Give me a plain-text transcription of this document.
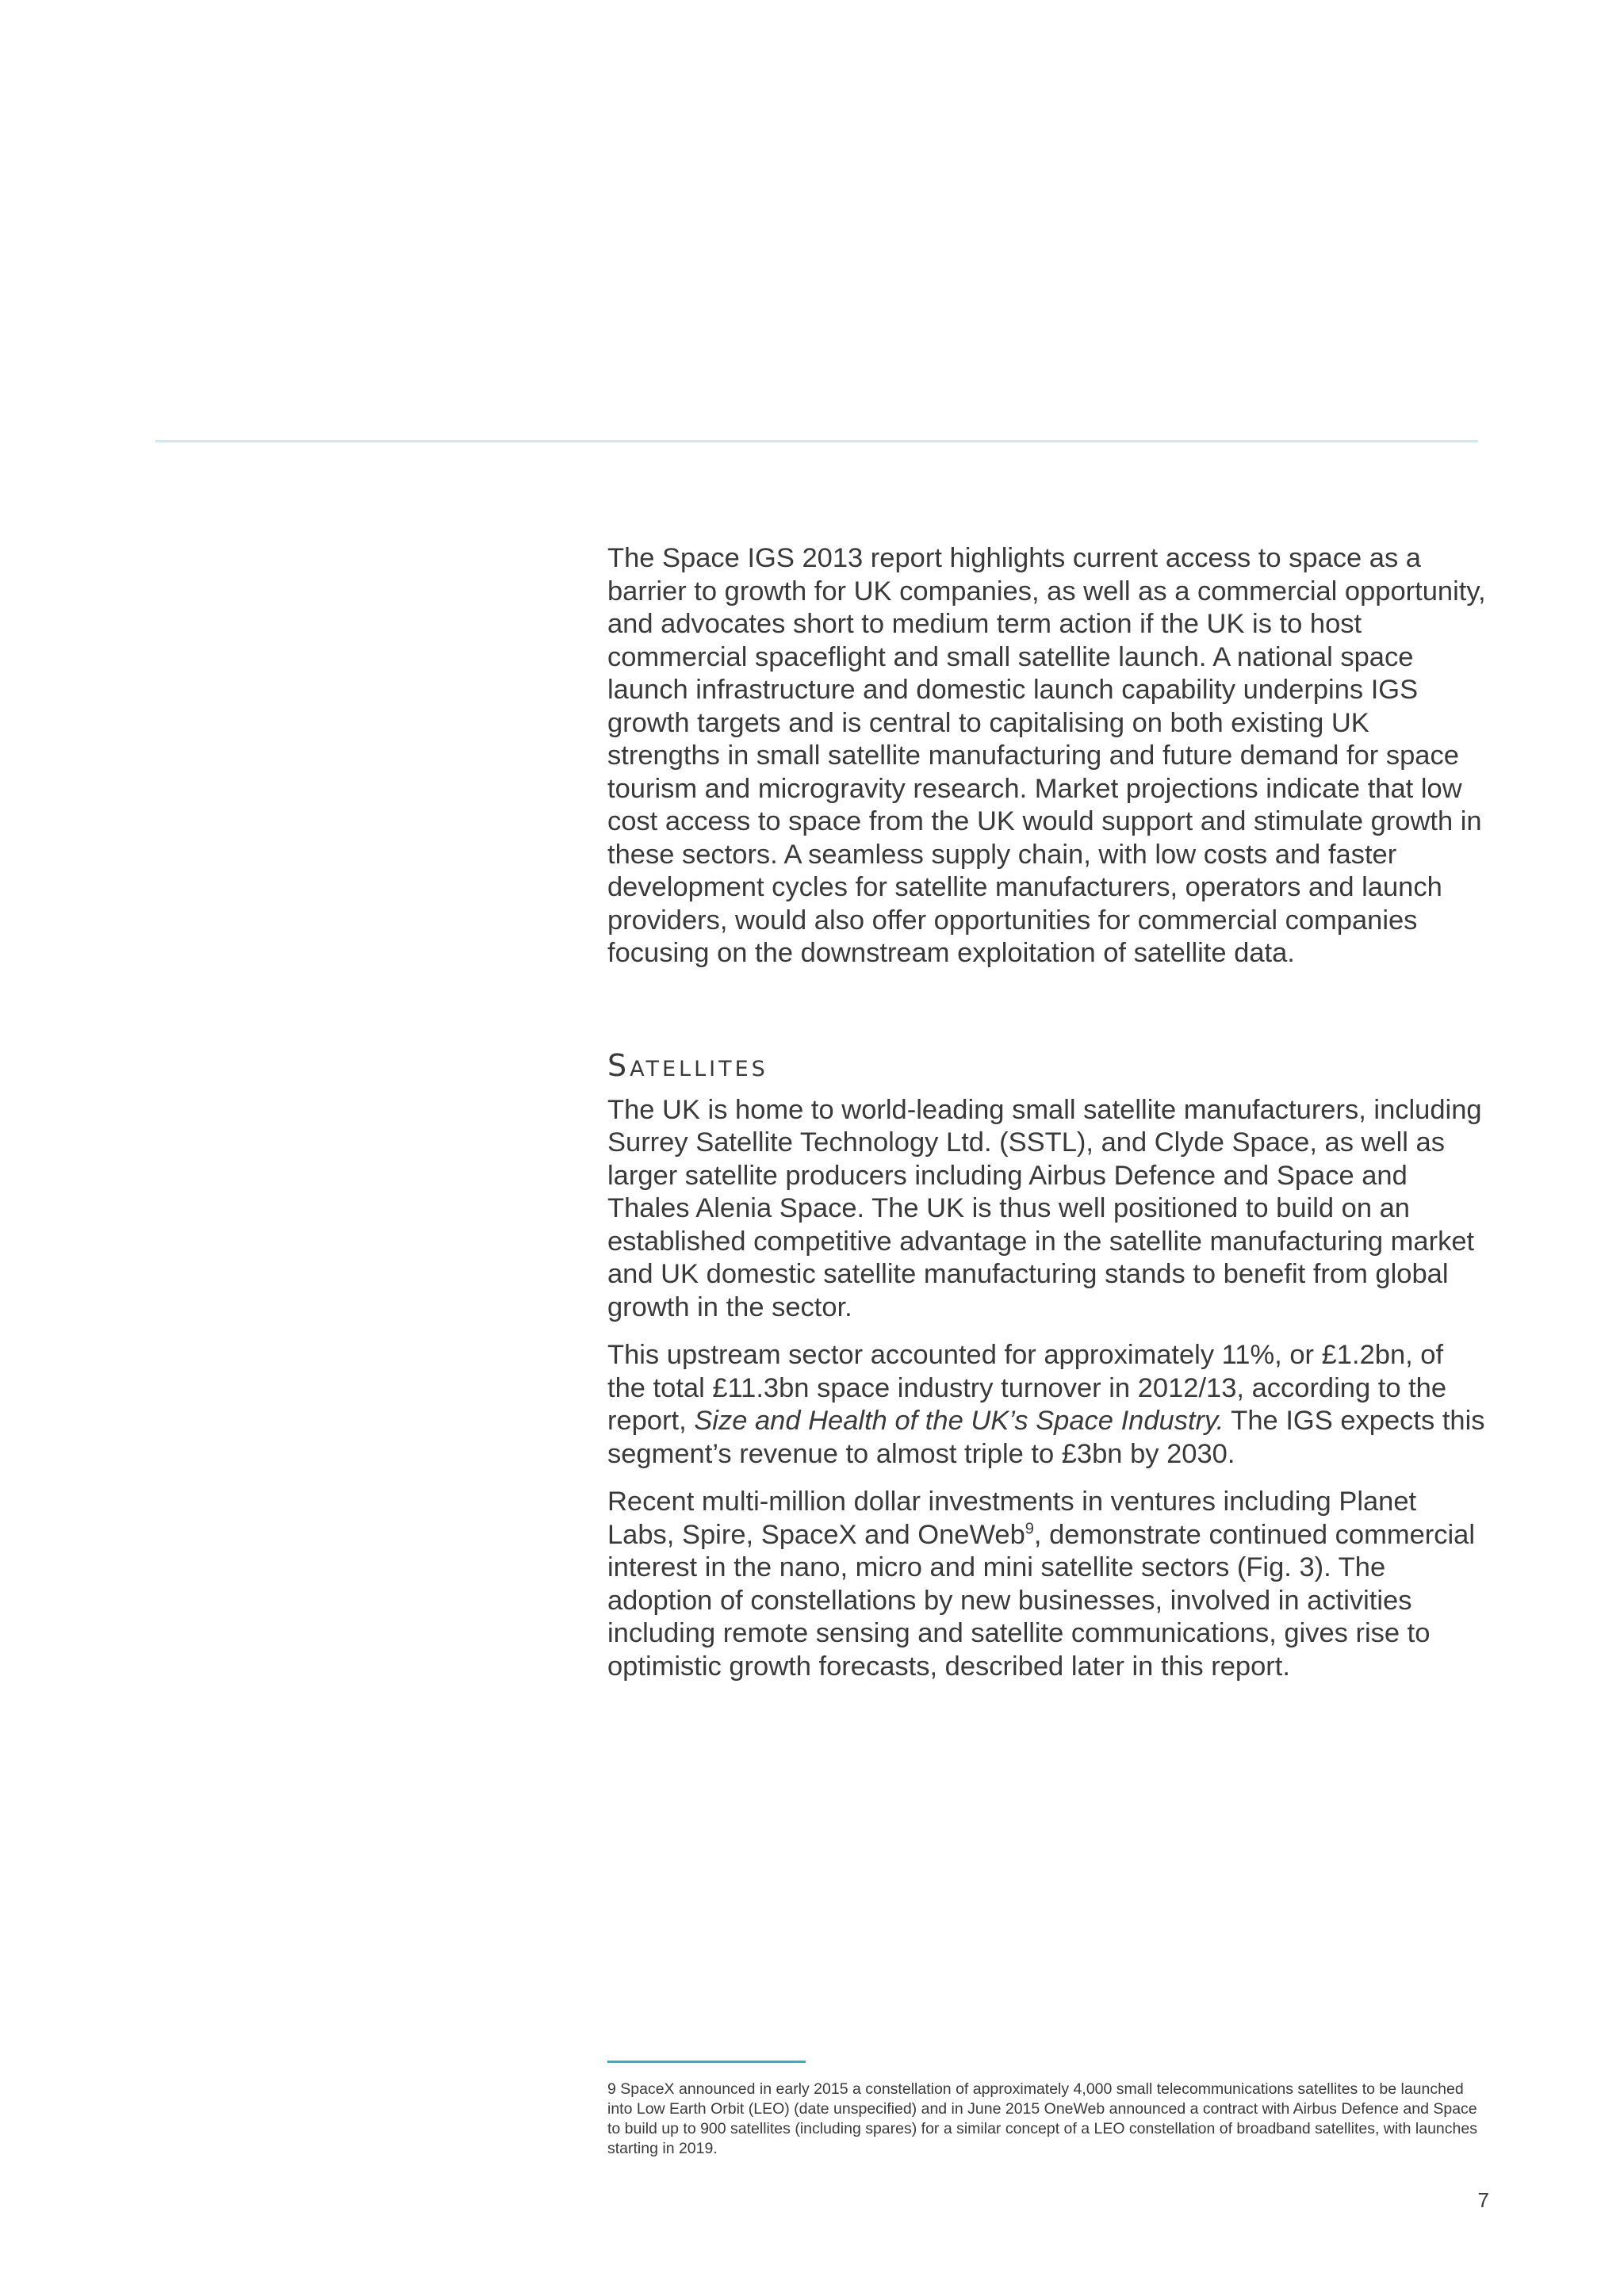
The Space IGS 2013 report highlights current access to space as a barrier to growth for UK companies, as well as a commercial opportunity, and advocates short to medium term action if the UK is to host commercial spaceflight and small satellite launch. A national space launch infrastructure and domestic launch capability underpins IGS growth targets and is central to capitalising on both existing UK strengths in small satellite manufacturing and future demand for space tourism and microgravity research. Market projections indicate that low cost access to space from the UK would support and stimulate growth in these sectors. A seamless supply chain, with low costs and faster development cycles for satellite manufacturers, operators and launch providers, would also offer opportunities for commercial companies focusing on the downstream exploitation of satellite data.

Satellites

The UK is home to world-leading small satellite manufacturers, including Surrey Satellite Technology Ltd. (SSTL), and Clyde Space, as well as larger satellite producers including Airbus Defence and Space and Thales Alenia Space. The UK is thus well positioned to build on an established competitive advantage in the satellite manufacturing market and UK domestic satellite manufacturing stands to benefit from global growth in the sector.

This upstream sector accounted for approximately 11%, or £1.2bn, of the total £11.3bn space industry turnover in 2012/13, according to the report, Size and Health of the UK’s Space Industry. The IGS expects this segment’s revenue to almost triple to £3bn by 2030.

Recent multi-million dollar investments in ventures including Planet Labs, Spire, SpaceX and OneWeb$^9$, demonstrate continued commercial interest in the nano, micro and mini satellite sectors (Fig. 3). The adoption of constellations by new businesses, involved in activities including remote sensing and satellite communications, gives rise to optimistic growth forecasts, described later in this report.

9 SpaceX announced in early 2015 a constellation of approximately 4,000 small telecommunications satellites to be launched into Low Earth Orbit (LEO) (date unspecified) and in June 2015 OneWeb announced a contract with Airbus Defence and Space to build up to 900 satellites (including spares) for a similar concept of a LEO constellation of broadband satellites, with launches starting in 2019.

7
